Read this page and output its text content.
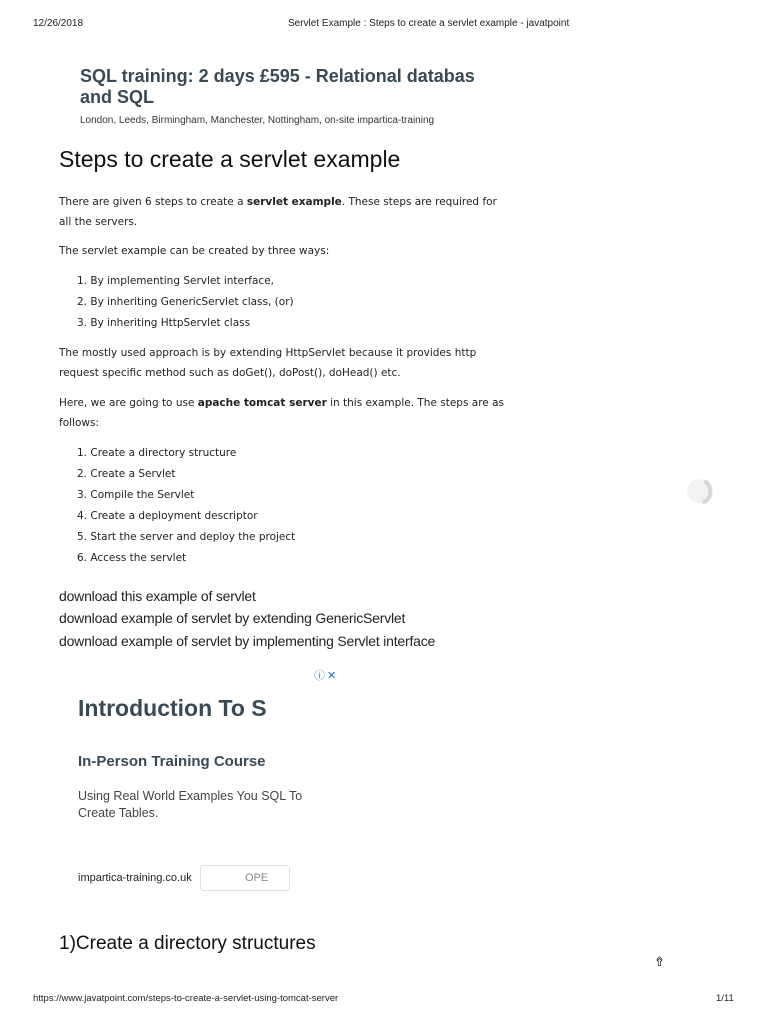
12/26/2018	Servlet Example : Steps to create a servlet example - javatpoint
SQL training: 2 days £595 - Relational databas
and SQL
London, Leeds, Birmingham, Manchester, Nottingham, on-site impartica-training
Steps to create a servlet example

There are given 6 steps to create a servlet example. These steps are required for all the servers.

The servlet example can be created by three ways:

1. By implementing Servlet interface,
2. By inheriting GenericServlet class, (or)
3. By inheriting HttpServlet class

The mostly used approach is by extending HttpServlet because it provides http request specific method such as doGet(), doPost(), doHead() etc.

Here, we are going to use apache tomcat server in this example. The steps are as follows:

1. Create a directory structure
2. Create a Servlet
3. Compile the Servlet
4. Create a deployment descriptor
5. Start the server and deploy the project
6. Access the servlet
download this example of servlet
download example of servlet by extending GenericServlet
download example of servlet by implementing Servlet interface
ⓘ ✕
Introduction To S
In-Person Training Course
Using Real World Examples You SQL To Create Tables.
impartica-training.co.uk	OPE
1)Create a directory structures
⇮
https://www.javatpoint.com/steps-to-create-a-servlet-using-tomcat-server	1/11
